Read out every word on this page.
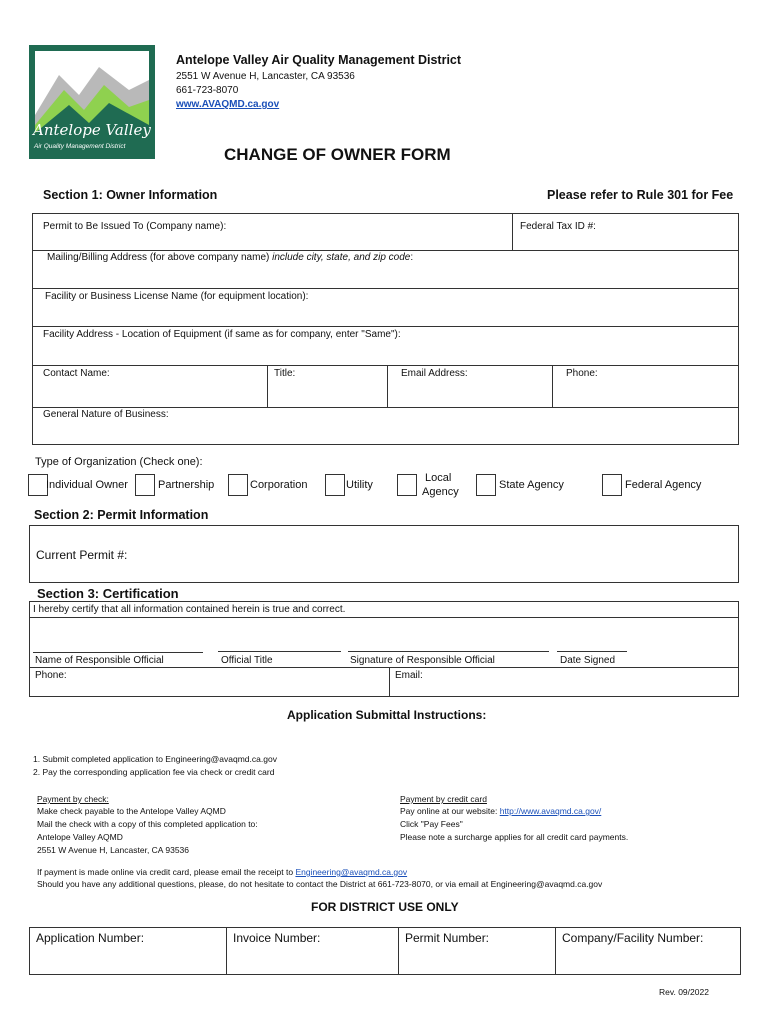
Antelope Valley
Air Quality Management District
Antelope Valley Air Quality Management District
2551 W Avenue H, Lancaster, CA 93536
661-723-8070
www.AVAQMD.ca.gov
CHANGE OF OWNER FORM
Section 1: Owner Information	Please refer to Rule 301 for Fee
Permit to Be Issued To (Company name):	Federal Tax ID #:
Mailing/Billing Address (for above company name) include city, state, and zip code:
Facility or Business License Name (for equipment location):
Facility Address - Location of Equipment (if same as for company, enter "Same"):
Contact Name:	Title:	Email Address:	Phone:
General Nature of Business:
Type of Organization (Check one):
Individual Owner	Partnership	Corporation	Utility
Local
Agency
State Agency	Federal Agency
Section 2: Permit Information
Current Permit #:
Section 3: Certification
I hereby certify that all information contained herein is true and correct.
Name of Responsible Official	Official Title	Signature of Responsible Official	Date Signed
Phone:	Email:
Application Submittal Instructions:
1. Submit completed application to Engineering@avaqmd.ca.gov
2. Pay the corresponding application fee via check or credit card
Payment by check:
Make check payable to the Antelope Valley AQMD
Mail the check with a copy of this completed application to:
Antelope Valley AQMD
2551 W Avenue H, Lancaster, CA 93536
Payment by credit card
Pay online at our website: http://www.avaqmd.ca.gov/
Click "Pay Fees"
Please note a surcharge applies for all credit card payments.
If payment is made online via credit card, please email the receipt to Engineering@avaqmd.ca.gov
Should you have any additional questions, please, do not hesitate to contact the District at 661-723-8070, or via email at Engineering@avaqmd.ca.gov
FOR DISTRICT USE ONLY
Application Number:	Invoice Number:	Permit Number:	Company/Facility Number:
Rev. 09/2022
